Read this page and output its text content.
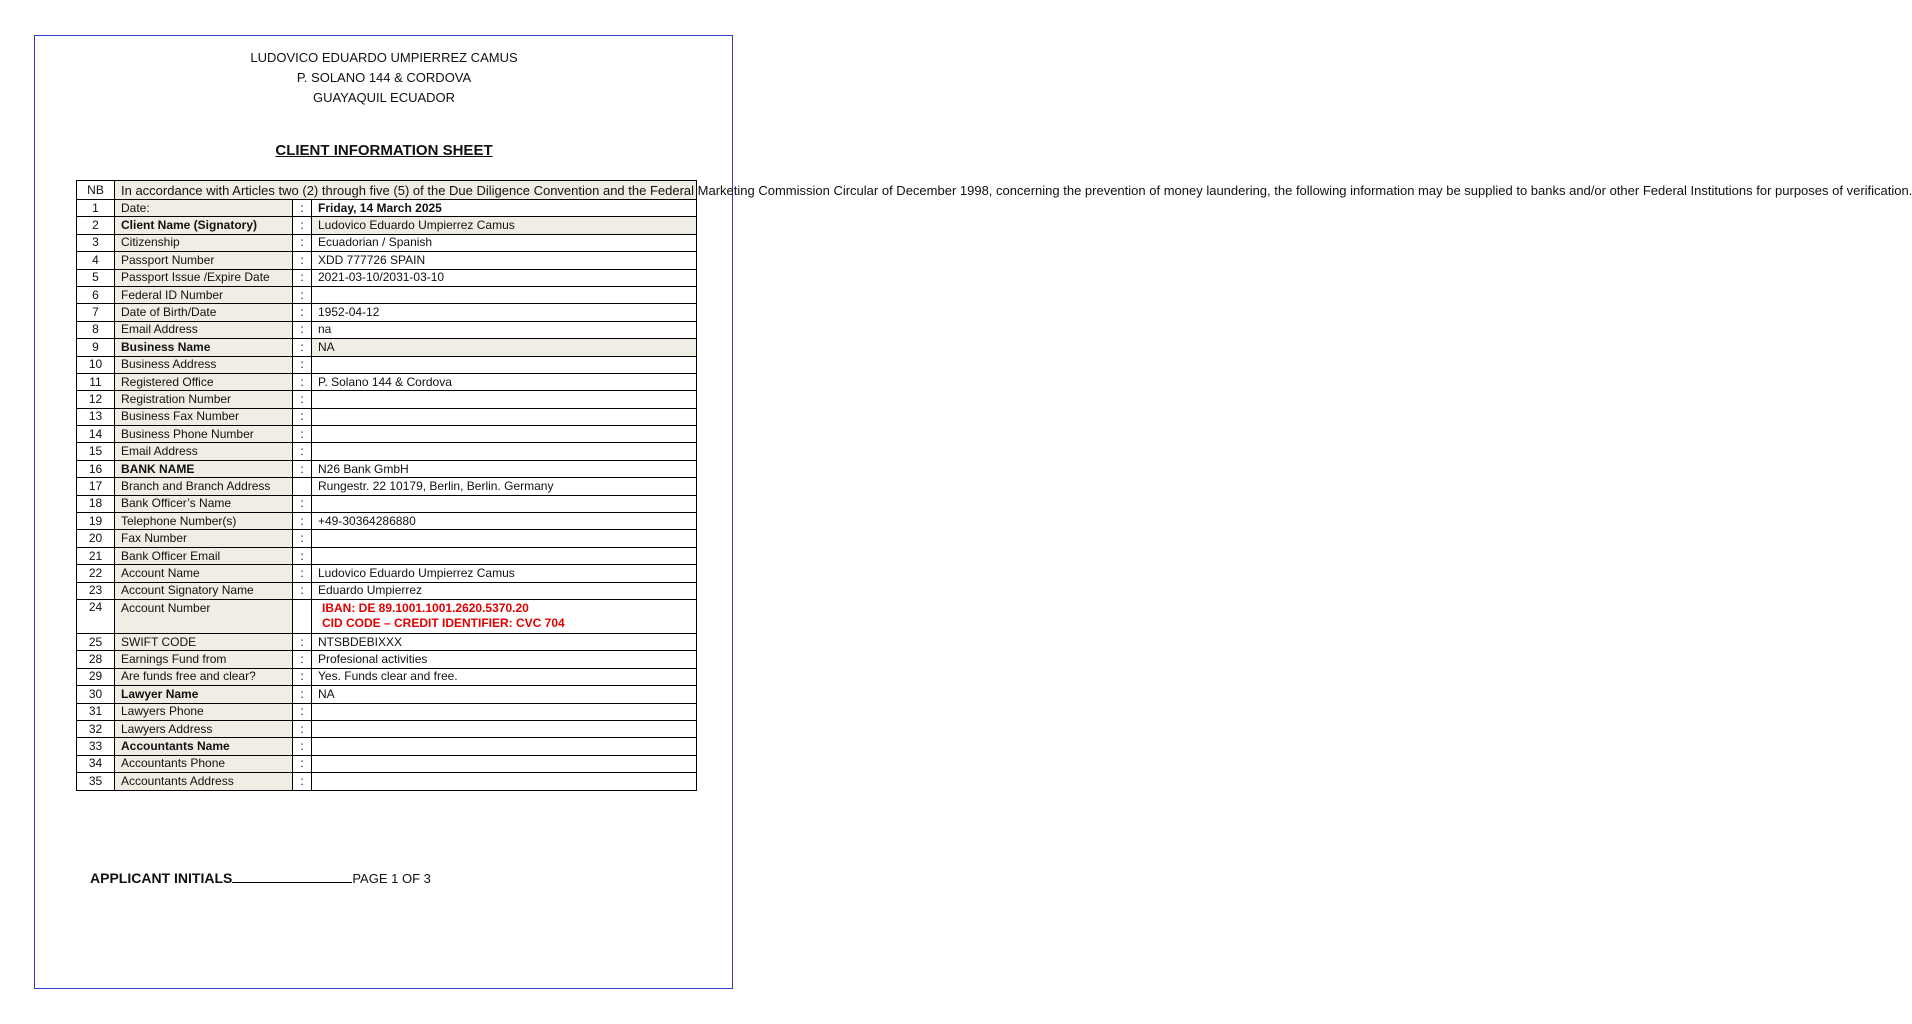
LUDOVICO EDUARDO UMPIERREZ CAMUS
P. SOLANO 144 & CORDOVA
GUAYAQUIL ECUADOR
CLIENT INFORMATION SHEET
NB	In accordance with Articles two (2) through five (5) of the Due Diligence Convention and the Federal Marketing Commission Circular of December 1998, concerning the prevention of money laundering, the following information may be supplied to banks and/or other Federal Institutions for purposes of verification.		
1	Date:	:	Friday, 14 March 2025
2	Client Name (Signatory)	:	Ludovico Eduardo Umpierrez Camus
3	Citizenship	:	Ecuadorian / Spanish
4	Passport Number	:	XDD 777726 SPAIN
5	Passport Issue /Expire Date	:	2021-03-10/2031-03-10
6	Federal ID Number	:	
7	Date of Birth/Date	:	1952-04-12
8	Email Address	:	na
9	Business Name	:	NA
10	Business Address	:	
11	Registered Office	:	P. Solano 144 & Cordova
12	Registration Number	:	
13	Business Fax Number	:	
14	Business Phone Number	:	
15	Email Address	:	
16	BANK NAME	:	N26 Bank GmbH
17	Branch and Branch Address		Rungestr. 22 10179, Berlin, Berlin. Germany
18	Bank Officer’s Name	:	
19	Telephone Number(s)	:	+49-30364286880
20	Fax Number	:	
21	Bank Officer Email	:	
22	Account Name	:	Ludovico Eduardo Umpierrez Camus
23	Account Signatory Name	:	Eduardo Umpierrez
24	Account Number		IBAN: DE 89.1001.1001.2620.5370.20
CID CODE – CREDIT IDENTIFIER: CVC 704

25	SWIFT CODE	:	NTSBDEBIXXX
28	Earnings Fund from	:	Profesional activities
29	Are funds free and clear?	:	Yes. Funds clear and free.
30	Lawyer Name	:	NA
31	Lawyers Phone	:	
32	Lawyers Address	:	
33	Accountants Name	:	
34	Accountants Phone	:	
35	Accountants Address	:	
APPLICANT INITIALS	PAGE 1 OF 3
